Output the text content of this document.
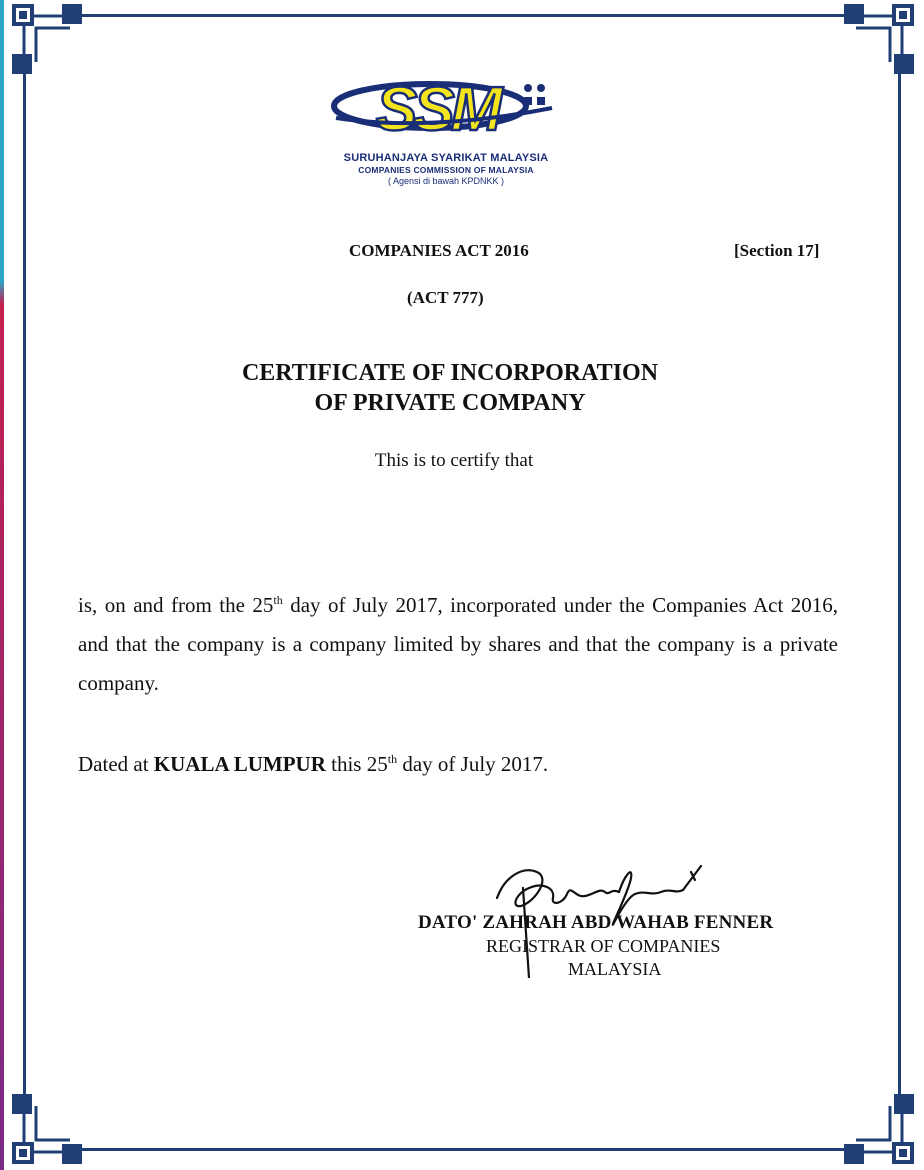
SSM
SURUHANJAYA SYARIKAT MALAYSIA
COMPANIES COMMISSION OF MALAYSIA
( Agensi di bawah KPDNKK )
COMPANIES ACT 2016	[Section 17]
(ACT 777)
CERTIFICATE OF INCORPORATION
OF PRIVATE COMPANY
This is to certify that
is, on and from the 25th day of July 2017, incorporated under the Companies Act 2016, and that the company is a company limited by shares and that the company is a private company.
Dated at KUALA LUMPUR this 25th day of July 2017.
DATO' ZAHRAH ABD WAHAB FENNER
REGISTRAR OF COMPANIES
MALAYSIA
